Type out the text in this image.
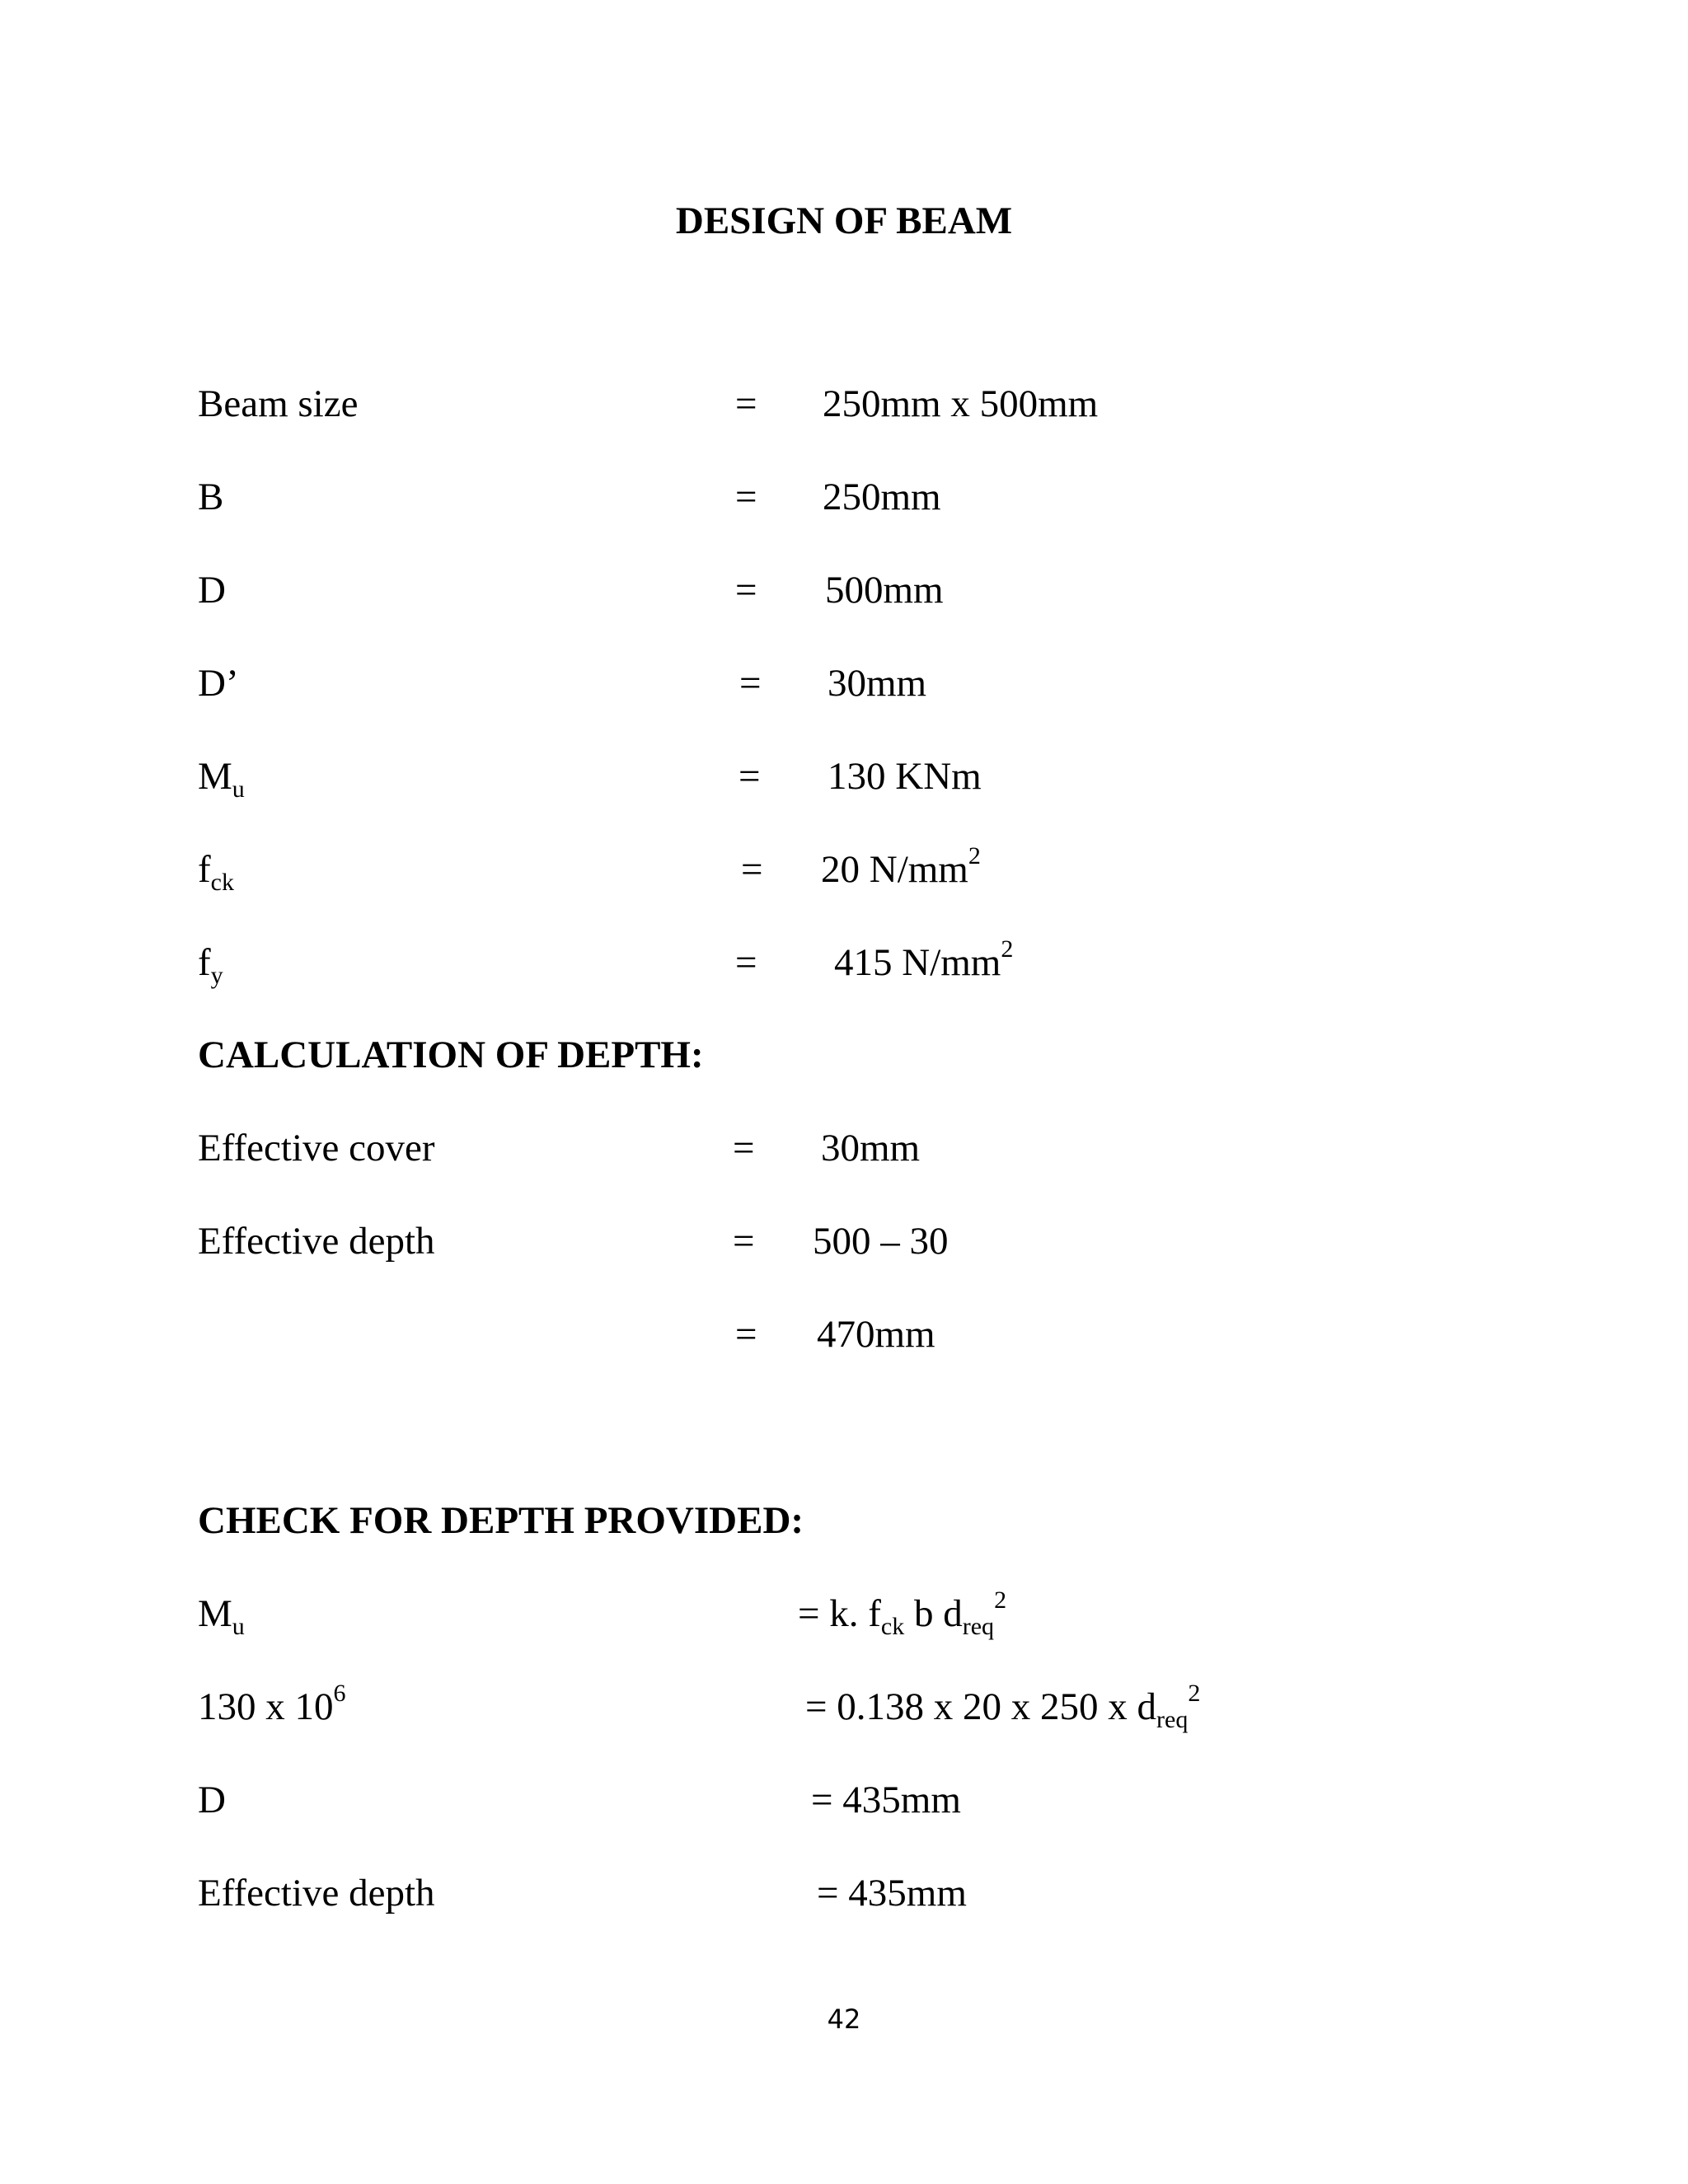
DESIGN OF BEAM
Beam size	= 250mm x 500mm
B	= 250mm
D	= 500mm
D’	= 30mm
$M_u$	= 130 KNm
$f_{ck}$	= 20 $N/mm^2$
$f_y$	= 415 $N/mm^2$
CALCULATION OF DEPTH:
Effective cover	= 30mm
Effective depth	= 500 – 30
= 470mm
CHECK FOR DEPTH PROVIDED:
$M_u$	= k. $f_{ck}$ b $d_{req}^2$
130 x $10^6$	= 0.138 x 20 x 250 x $d_{req}^2$
D	= 435mm
Effective depth	= 435mm
42
